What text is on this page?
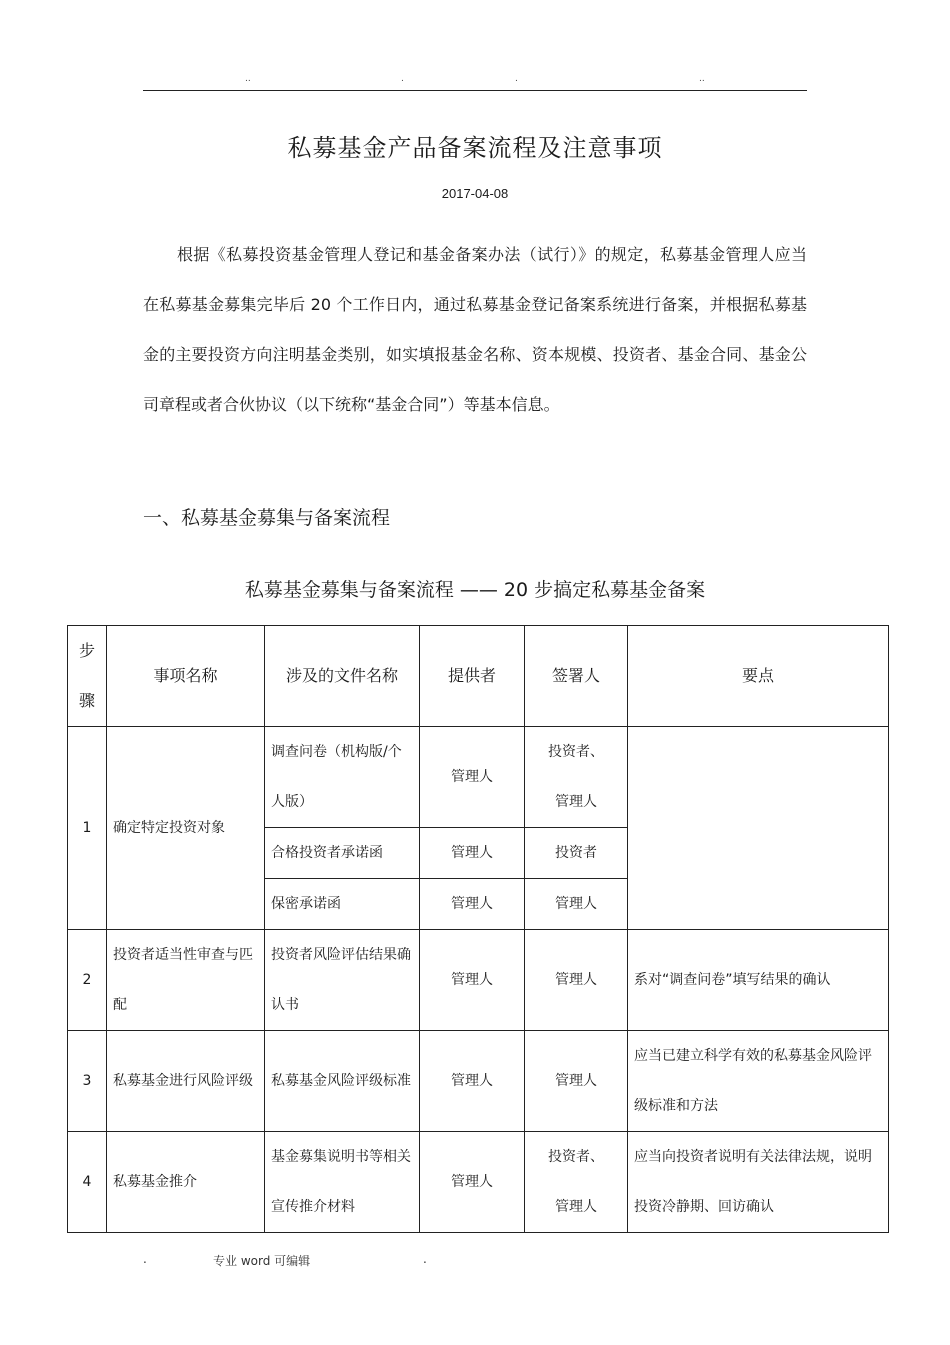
..	.	.	..
私募基金产品备案流程及注意事项
2017-04-08
根据《私募投资基金管理人登记和基金备案办法（试行）》的规定，私募基金管理人应当在私募基金募集完毕后 20 个工作日内，通过私募基金登记备案系统进行备案，并根据私募基金的主要投资方向注明基金类别，如实填报基金名称、资本规模、投资者、基金合同、基金公司章程或者合伙协议（以下统称“基金合同”）等基本信息。
一、私募基金募集与备案流程
私募基金募集与备案流程 —— 20 步搞定私募基金备案
步骤	事项名称	涉及的文件名称	提供者	签署人	要点
1	确定特定投资对象	调查问卷（机构版/个人版）	管理人	投资者、管理人	
		合格投资者承诺函	管理人	投资者	
		保密承诺函	管理人	管理人	
2	投资者适当性审查与匹配	投资者风险评估结果确认书	管理人	管理人	系对“调查问卷”填写结果的确认
3	私募基金进行风险评级	私募基金风险评级标准	管理人	管理人	应当已建立科学有效的私募基金风险评级标准和方法
4	私募基金推介	基金募集说明书等相关宣传推介材料	管理人	投资者、管理人	应当向投资者说明有关法律法规，说明投资冷静期、回访确认
.	专业 word 可编辑	.
